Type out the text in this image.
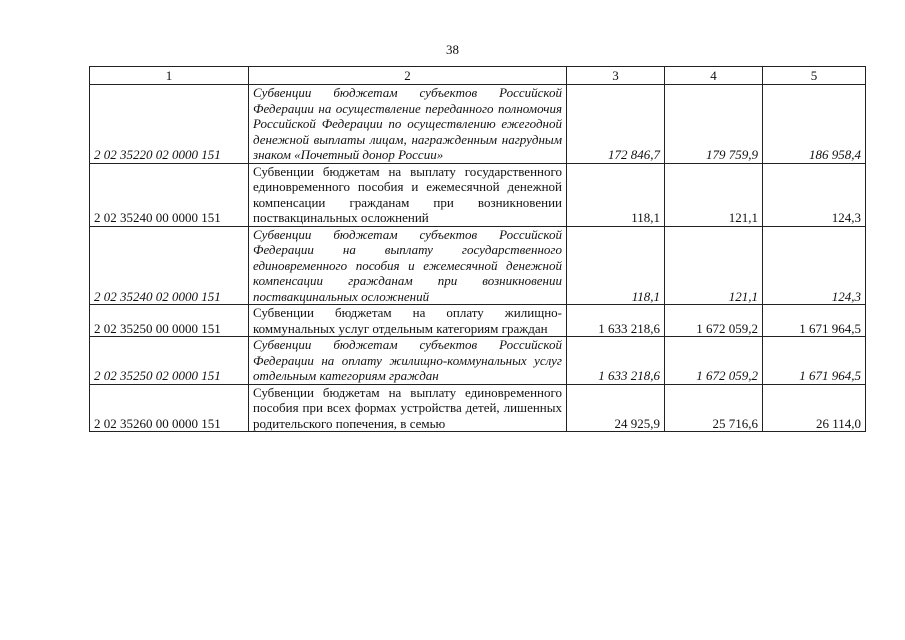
38
1	2	3	4	5
2 02 35220 02 0000 151	Субвенции бюджетам субъектов Российской Федерации на осуществление переданного полномочия Российской Федерации по осуществлению ежегодной денежной выплаты лицам, награжденным нагрудным знаком «Почетный донор России»	172 846,7	179 759,9	186 958,4
2 02 35240 00 0000 151	Субвенции бюджетам на выплату государственного единовременного пособия и ежемесячной денежной компенсации гражданам при возникновении поствакцинальных осложнений	118,1	121,1	124,3
2 02 35240 02 0000 151	Субвенции бюджетам субъектов Российской Федерации на выплату государственного единовременного пособия и ежемесячной денежной компенсации гражданам при возникновении поствакцинальных осложнений	118,1	121,1	124,3
2 02 35250 00 0000 151	Субвенции бюджетам на оплату жилищно-коммунальных услуг отдельным категориям граждан	1 633 218,6	1 672 059,2	1 671 964,5
2 02 35250 02 0000 151	Субвенции бюджетам субъектов Российской Федерации на оплату жилищно-коммунальных услуг отдельным категориям граждан	1 633 218,6	1 672 059,2	1 671 964,5
2 02 35260 00 0000 151	Субвенции бюджетам на выплату единовременного пособия при всех формах устройства детей, лишенных родительского попечения, в семью	24 925,9	25 716,6	26 114,0
